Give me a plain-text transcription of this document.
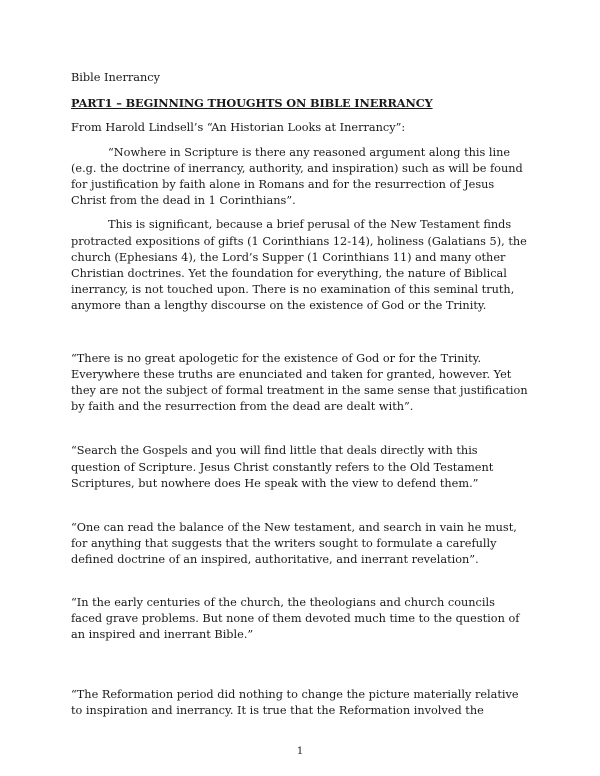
Bible Inerrancy

PART1 – BEGINNING THOUGHTS ON BIBLE INERRANCY

From Harold Lindsell’s “An Historian Looks at Inerrancy”:

“Nowhere in Scripture is there any reasoned argument along this line (e.g. the doctrine of inerrancy, authority, and inspiration) such as will be found for justification by faith alone in Romans and for the resurrection of Jesus Christ from the dead in 1 Corinthians”.

This is significant, because a brief perusal of the New Testament finds protracted expositions of gifts (1 Corinthians 12-14), holiness (Galatians 5), the church (Ephesians 4), the Lord’s Supper (1 Corinthians 11) and many other Christian doctrines. Yet the foundation for everything, the nature of Biblical inerrancy, is not touched upon. There is no examination of this seminal truth, anymore than a lengthy discourse on the existence of God or the Trinity.

“There is no great apologetic for the existence of God or for the Trinity. Everywhere these truths are enunciated and taken for granted, however. Yet they are not the subject of formal treatment in the same sense that justification by faith and the resurrection from the dead are dealt with”.

“Search the Gospels and you will find little that deals directly with this question of Scripture. Jesus Christ constantly refers to the Old Testament Scriptures, but nowhere does He speak with the view to defend them.”

“One can read the balance of the New testament, and search in vain he must, for anything that suggests that the writers sought to formulate a carefully defined doctrine of an inspired, authoritative, and inerrant revelation”.

“In the early centuries of the church, the theologians and church councils faced grave problems. But none of them devoted much time to the question of an inspired and inerrant Bible.”

“The Reformation period did nothing to change the picture materially relative to inspiration and inerrancy. It is true that the Reformation involved the

1
